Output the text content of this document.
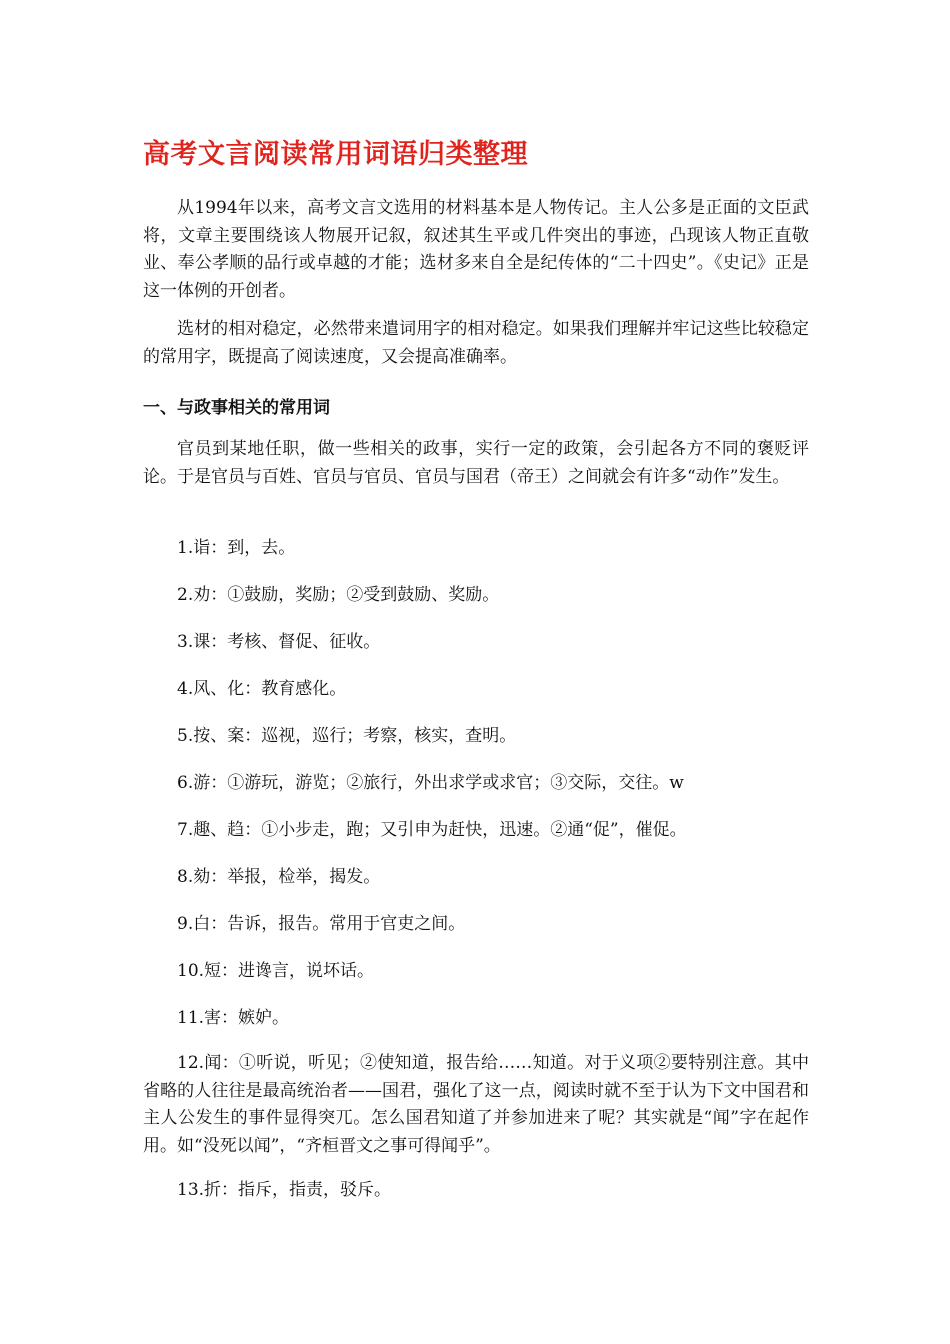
高考文言阅读常用词语归类整理
从1994年以来，高考文言文选用的材料基本是人物传记。主人公多是正面的文臣武将，文章主要围绕该人物展开记叙，叙述其生平或几件突出的事迹，凸现该人物正直敬业、奉公孝顺的品行或卓越的才能；选材多来自全是纪传体的“二十四史”。《史记》正是这一体例的开创者。
选材的相对稳定，必然带来遣词用字的相对稳定。如果我们理解并牢记这些比较稳定的常用字，既提高了阅读速度，又会提高准确率。
一、与政事相关的常用词
官员到某地任职，做一些相关的政事，实行一定的政策，会引起各方不同的褒贬评论。于是官员与百姓、官员与官员、官员与国君（帝王）之间就会有许多“动作”发生。
1.诣：到，去。
2.劝：①鼓励，奖励；②受到鼓励、奖励。
3.课：考核、督促、征收。
4.风、化：教育感化。
5.按、案：巡视，巡行；考察，核实，查明。
6.游：①游玩，游览；②旅行，外出求学或求官；③交际，交往。w
7.趣、趋：①小步走，跑；又引申为赶快，迅速。②通“促”，催促。
8.劾：举报，检举，揭发。
9.白：告诉，报告。常用于官吏之间。
10.短：进谗言，说坏话。
11.害：嫉妒。
12.闻：①听说，听见；②使知道，报告给……知道。对于义项②要特别注意。其中省略的人往往是最高统治者——国君，强化了这一点，阅读时就不至于认为下文中国君和主人公发生的事件显得突兀。怎么国君知道了并参加进来了呢？其实就是“闻”字在起作用。如“没死以闻”，“齐桓晋文之事可得闻乎”。
13.折：指斥，指责，驳斥。
